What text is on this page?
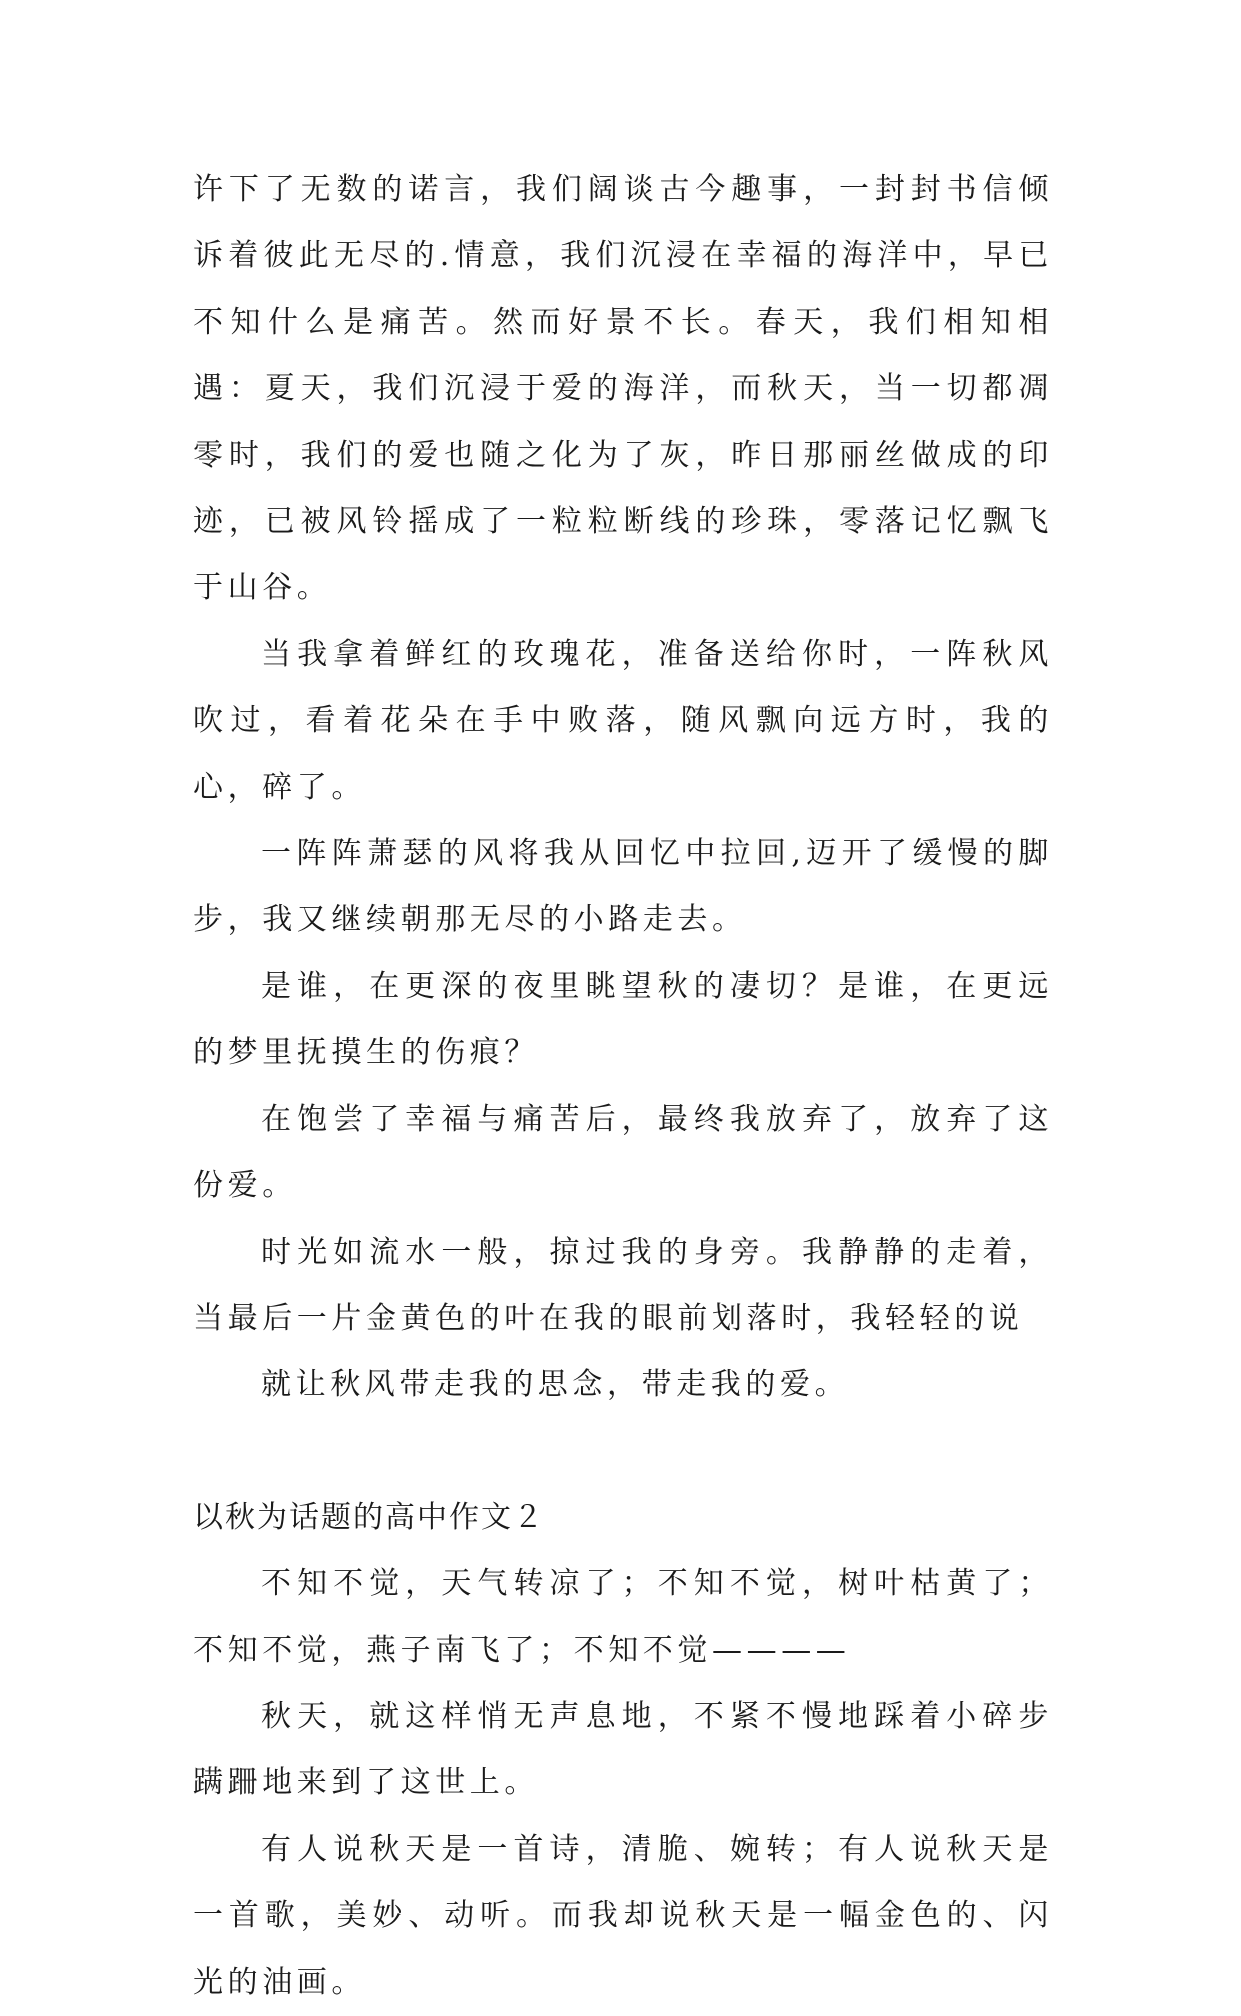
许下了无数的诺言，我们阔谈古今趣事，一封封书信倾诉着彼此无尽的.情意，我们沉浸在幸福的海洋中，早已不知什么是痛苦。然而好景不长。春天，我们相知相遇：夏天，我们沉浸于爱的海洋，而秋天，当一切都凋零时，我们的爱也随之化为了灰，昨日那丽丝做成的印迹，已被风铃摇成了一粒粒断线的珍珠，零落记忆飘飞于山谷。

当我拿着鲜红的玫瑰花，准备送给你时，一阵秋风吹过，看着花朵在手中败落，随风飘向远方时，我的心，碎了。

一阵阵萧瑟的风将我从回忆中拉回,迈开了缓慢的脚步，我又继续朝那无尽的小路走去。

是谁，在更深的夜里眺望秋的凄切？是谁，在更远的梦里抚摸生的伤痕？

在饱尝了幸福与痛苦后，最终我放弃了，放弃了这份爱。

时光如流水一般，掠过我的身旁。我静静的走着，当最后一片金黄色的叶在我的眼前划落时，我轻轻的说

就让秋风带走我的思念，带走我的爱。

以秋为话题的高中作文２

不知不觉，天气转凉了；不知不觉，树叶枯黄了；不知不觉，燕子南飞了；不知不觉————

秋天，就这样悄无声息地，不紧不慢地踩着小碎步蹒跚地来到了这世上。

有人说秋天是一首诗，清脆、婉转；有人说秋天是一首歌，美妙、动听。而我却说秋天是一幅金色的、闪光的油画。
